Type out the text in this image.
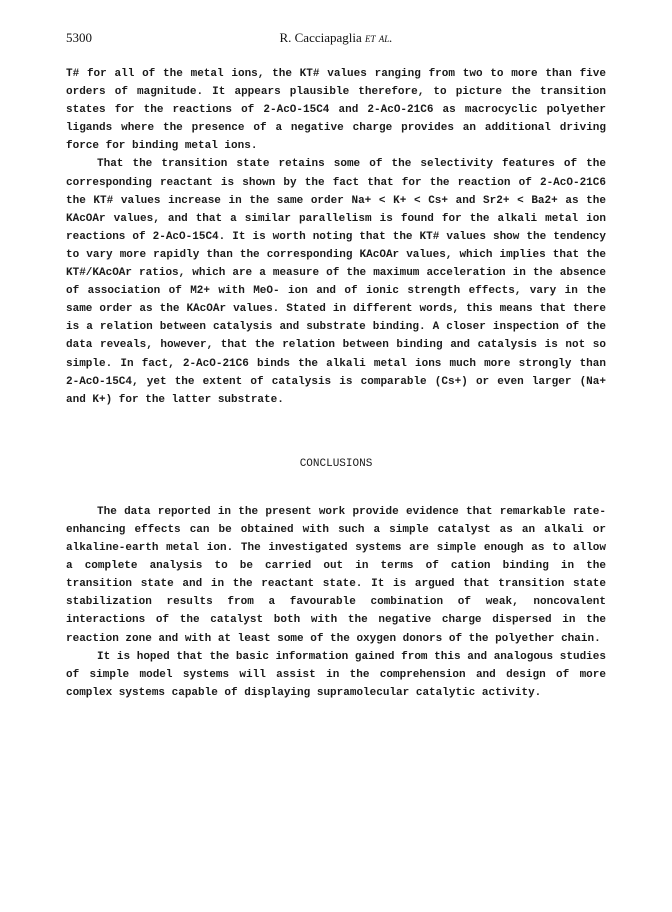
5300	R. Cacciapaglia et al.

T# for all of the metal ions, the KT# values ranging from two to more than five orders of magnitude. It appears plausible therefore, to picture the transition states for the reactions of 2-AcO-15C4 and 2-AcO-21C6 as macrocyclic polyether ligands where the presence of a negative charge provides an additional driving force for binding metal ions.

That the transition state retains some of the selectivity features of the corresponding reactant is shown by the fact that for the reaction of 2-AcO-21C6 the KT# values increase in the same order Na+ < K+ < Cs+ and Sr2+ < Ba2+ as the KAcOAr values, and that a similar parallelism is found for the alkali metal ion reactions of 2-AcO-15C4. It is worth noting that the KT# values show the tendency to vary more rapidly than the corresponding KAcOAr values, which implies that the KT#/KAcOAr ratios, which are a measure of the maximum acceleration in the absence of association of M2+ with MeO- ion and of ionic strength effects, vary in the same order as the KAcOAr values. Stated in different words, this means that there is a relation between catalysis and substrate binding. A closer inspection of the data reveals, however, that the relation between binding and catalysis is not so simple. In fact, 2-AcO-21C6 binds the alkali metal ions much more strongly than 2-AcO-15C4, yet the extent of catalysis is comparable (Cs+) or even larger (Na+ and K+) for the latter substrate.

CONCLUSIONS

The data reported in the present work provide evidence that remarkable rate-enhancing effects can be obtained with such a simple catalyst as an alkali or alkaline-earth metal ion. The investigated systems are simple enough as to allow a complete analysis to be carried out in terms of cation binding in the transition state and in the reactant state. It is argued that transition state stabilization results from a favourable combination of weak, noncovalent interactions of the catalyst both with the negative charge dispersed in the reaction zone and with at least some of the oxygen donors of the polyether chain.

It is hoped that the basic information gained from this and analogous studies of simple model systems will assist in the comprehension and design of more complex systems capable of displaying supramolecular catalytic activity.
